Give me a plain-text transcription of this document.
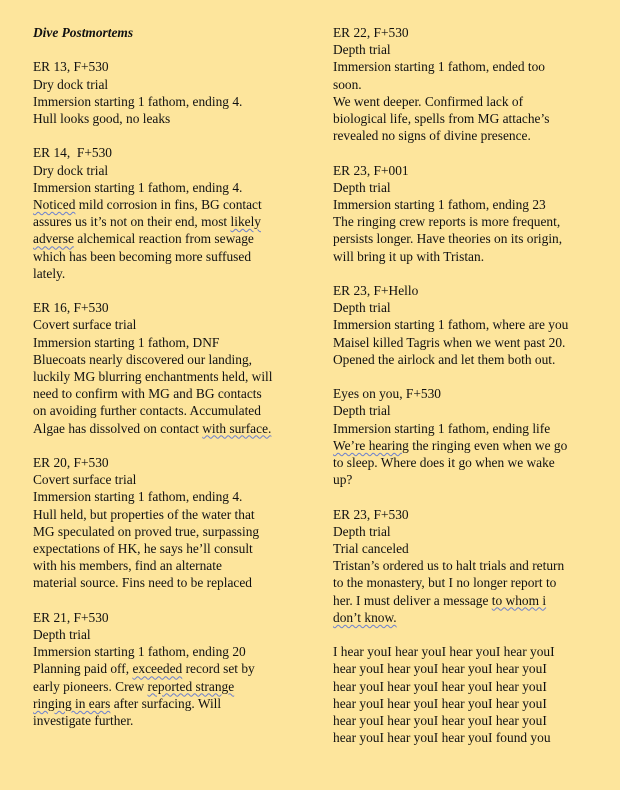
Dive Postmortems
ER 13, F+530
Dry dock trial
Immersion starting 1 fathom, ending 4.
Hull looks good, no leaks
ER 14,  F+530
Dry dock trial
Immersion starting 1 fathom, ending 4.
Noticed mild corrosion in fins, BG contact
assures us it’s not on their end, most likely
adverse alchemical reaction from sewage
which has been becoming more suffused
lately.
ER 16, F+530
Covert surface trial
Immersion starting 1 fathom, DNF
Bluecoats nearly discovered our landing,
luckily MG blurring enchantments held, will
need to confirm with MG and BG contacts
on avoiding further contacts. Accumulated
Algae has dissolved on contact with surface.
ER 20, F+530
Covert surface trial
Immersion starting 1 fathom, ending 4.
Hull held, but properties of the water that
MG speculated on proved true, surpassing
expectations of HK, he says he’ll consult
with his members, find an alternate
material source. Fins need to be replaced
ER 21, F+530
Depth trial
Immersion starting 1 fathom, ending 20
Planning paid off, exceeded record set by
early pioneers. Crew reported strange
ringing in ears after surfacing. Will
investigate further.
ER 22, F+530
Depth trial
Immersion starting 1 fathom, ended too
soon.
We went deeper. Confirmed lack of
biological life, spells from MG attache’s
revealed no signs of divine presence.
ER 23, F+001
Depth trial
Immersion starting 1 fathom, ending 23
The ringing crew reports is more frequent,
persists longer. Have theories on its origin,
will bring it up with Tristan.
ER 23, F+Hello
Depth trial
Immersion starting 1 fathom, where are you
Maisel killed Tagris when we went past 20.
Opened the airlock and let them both out.
Eyes on you, F+530
Depth trial
Immersion starting 1 fathom, ending life
We’re hearing the ringing even when we go
to sleep. Where does it go when we wake
up?
ER 23, F+530
Depth trial
Trial canceled
Tristan’s ordered us to halt trials and return
to the monastery, but I no longer report to
her. I must deliver a message to whom i
don’t know.
I hear youI hear youI hear youI hear youI
hear youI hear youI hear youI hear youI
hear youI hear youI hear youI hear youI
hear youI hear youI hear youI hear youI
hear youI hear youI hear youI hear youI
hear youI hear youI hear youI found you
